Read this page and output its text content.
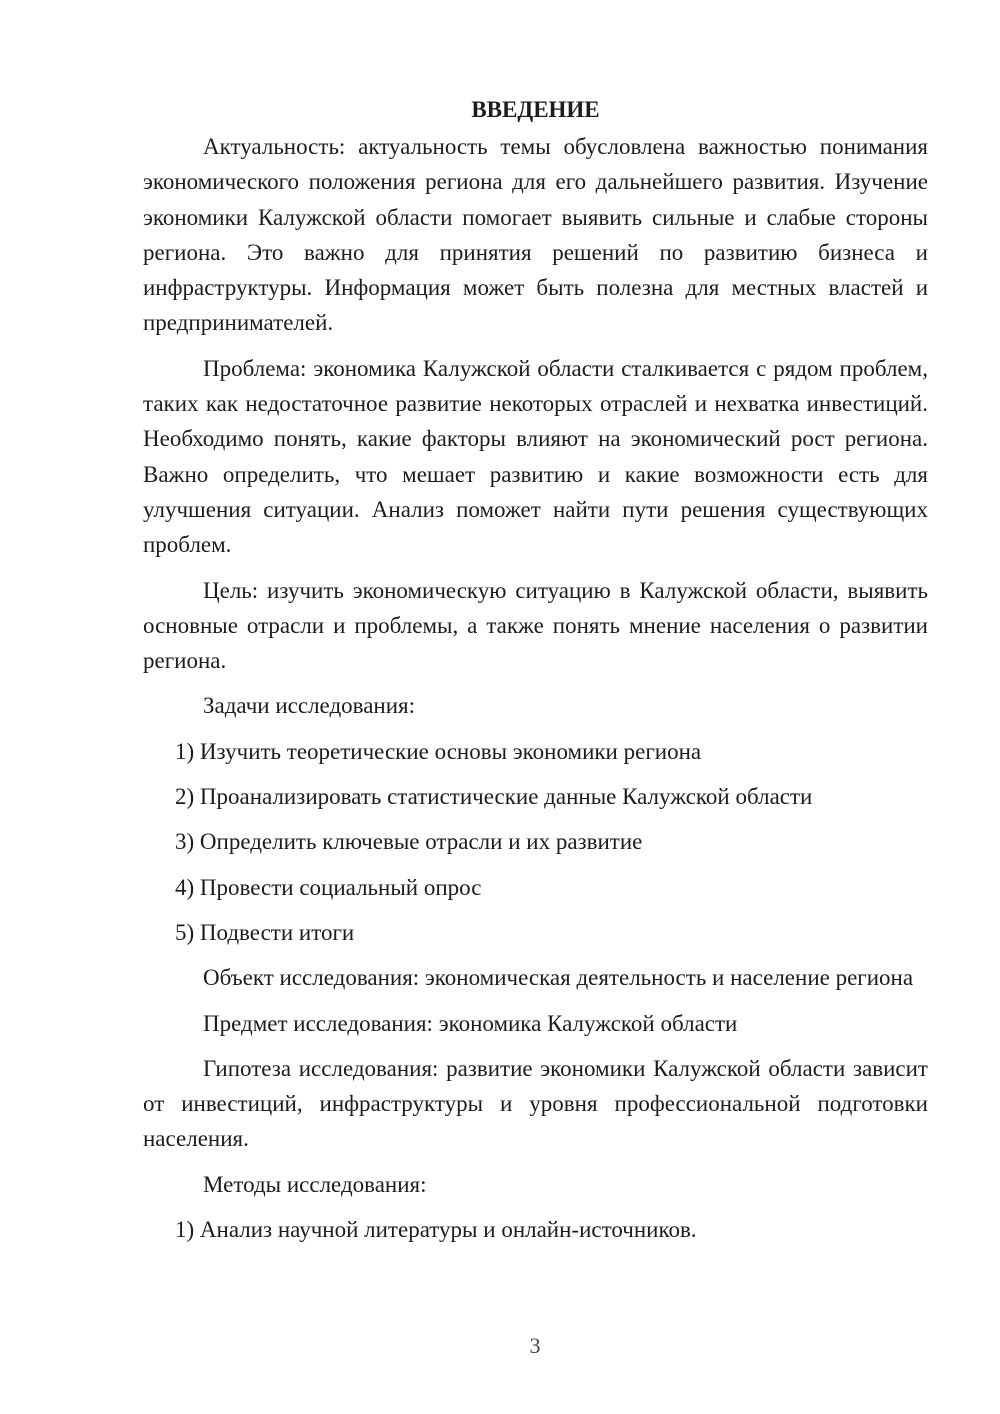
ВВЕДЕНИЕ

Актуальность: актуальность темы обусловлена важностью понимания экономического положения региона для его дальнейшего развития. Изучение экономики Калужской области помогает выявить сильные и слабые стороны региона. Это важно для принятия решений по развитию бизнеса и инфраструктуры. Информация может быть полезна для местных властей и предпринимателей.

Проблема: экономика Калужской области сталкивается с рядом проблем, таких как недостаточное развитие некоторых отраслей и нехватка инвестиций. Необходимо понять, какие факторы влияют на экономический рост региона. Важно определить, что мешает развитию и какие возможности есть для улучшения ситуации. Анализ поможет найти пути решения существующих проблем.

Цель: изучить экономическую ситуацию в Калужской области, выявить основные отрасли и проблемы, а также понять мнение населения о развитии региона.

Задачи исследования:

1) Изучить теоретические основы экономики региона

2) Проанализировать статистические данные Калужской области

3) Определить ключевые отрасли и их развитие

4) Провести социальный опрос

5) Подвести итоги

Объект исследования: экономическая деятельность и население региона

Предмет исследования: экономика Калужской области

Гипотеза исследования: развитие экономики Калужской области зависит от инвестиций, инфраструктуры и уровня профессиональной подготовки населения.

Методы исследования:

1) Анализ научной литературы и онлайн-источников.

3
